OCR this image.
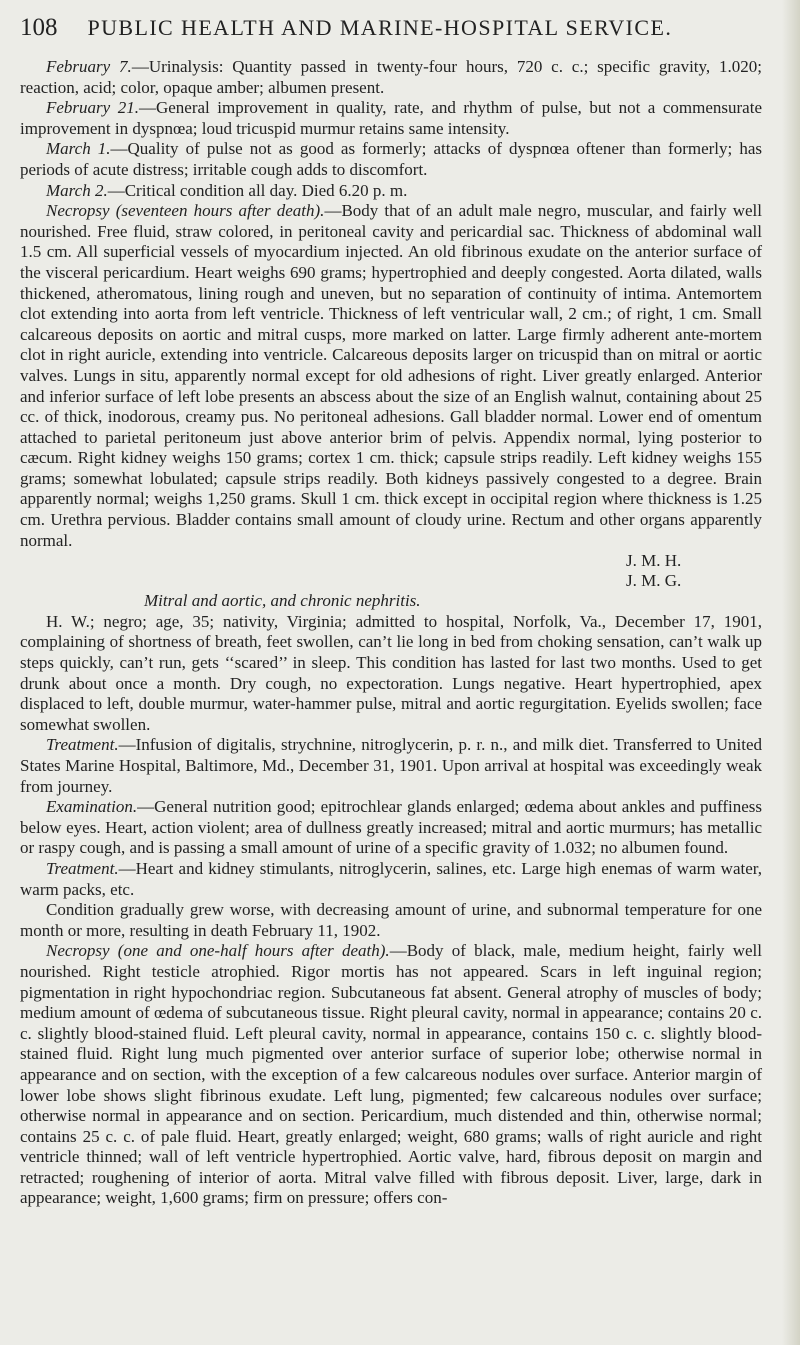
108 PUBLIC HEALTH AND MARINE-HOSPITAL SERVICE.

February 7.—Urinalysis: Quantity passed in twenty-four hours, 720 c. c.; specific gravity, 1.020; reaction, acid; color, opaque amber; albumen present.

February 21.—General improvement in quality, rate, and rhythm of pulse, but not a commensurate improvement in dyspnœa; loud tricuspid murmur retains same intensity.

March 1.—Quality of pulse not as good as formerly; attacks of dyspnœa oftener than formerly; has periods of acute distress; irritable cough adds to discomfort.

March 2.—Critical condition all day. Died 6.20 p. m.

Necropsy (seventeen hours after death).—Body that of an adult male negro, muscular, and fairly well nourished. Free fluid, straw colored, in peritoneal cavity and pericardial sac. Thickness of abdominal wall 1.5 cm. All superficial vessels of myocardium injected. An old fibrinous exudate on the anterior surface of the visceral pericardium. Heart weighs 690 grams; hypertrophied and deeply congested. Aorta dilated, walls thickened, atheromatous, lining rough and uneven, but no separation of continuity of intima. Antemortem clot extending into aorta from left ventricle. Thickness of left ventricular wall, 2 cm.; of right, 1 cm. Small calcareous deposits on aortic and mitral cusps, more marked on latter. Large firmly adherent ante-mortem clot in right auricle, extending into ventricle. Calcareous deposits larger on tricuspid than on mitral or aortic valves. Lungs in situ, apparently normal except for old adhesions of right. Liver greatly enlarged. Anterior and inferior surface of left lobe presents an abscess about the size of an English walnut, containing about 25 cc. of thick, inodorous, creamy pus. No peritoneal adhesions. Gall bladder normal. Lower end of omentum attached to parietal peritoneum just above anterior brim of pelvis. Appendix normal, lying posterior to cæcum. Right kidney weighs 150 grams; cortex 1 cm. thick; capsule strips readily. Left kidney weighs 155 grams; somewhat lobulated; capsule strips readily. Both kidneys passively congested to a degree. Brain apparently normal; weighs 1,250 grams. Skull 1 cm. thick except in occipital region where thickness is 1.25 cm. Urethra pervious. Bladder contains small amount of cloudy urine. Rectum and other organs apparently normal.

J. M. H.

J. M. G.

Mitral and aortic, and chronic nephritis.

H. W.; negro; age, 35; nativity, Virginia; admitted to hospital, Norfolk, Va., December 17, 1901, complaining of shortness of breath, feet swollen, can’t lie long in bed from choking sensation, can’t walk up steps quickly, can’t run, gets ‘‘scared’’ in sleep. This condition has lasted for last two months. Used to get drunk about once a month. Dry cough, no expectoration. Lungs negative. Heart hypertrophied, apex displaced to left, double murmur, water-hammer pulse, mitral and aortic regurgitation. Eyelids swollen; face somewhat swollen.

Treatment.—Infusion of digitalis, strychnine, nitroglycerin, p. r. n., and milk diet. Transferred to United States Marine Hospital, Baltimore, Md., December 31, 1901. Upon arrival at hospital was exceedingly weak from journey.

Examination.—General nutrition good; epitrochlear glands enlarged; œdema about ankles and puffiness below eyes. Heart, action violent; area of dullness greatly increased; mitral and aortic murmurs; has metallic or raspy cough, and is passing a small amount of urine of a specific gravity of 1.032; no albumen found.

Treatment.—Heart and kidney stimulants, nitroglycerin, salines, etc. Large high enemas of warm water, warm packs, etc.

Condition gradually grew worse, with decreasing amount of urine, and subnormal temperature for one month or more, resulting in death February 11, 1902.

Necropsy (one and one-half hours after death).—Body of black, male, medium height, fairly well nourished. Right testicle atrophied. Rigor mortis has not appeared. Scars in left inguinal region; pigmentation in right hypochondriac region. Subcutaneous fat absent. General atrophy of muscles of body; medium amount of œdema of subcutaneous tissue. Right pleural cavity, normal in appearance; contains 20 c. c. slightly blood-stained fluid. Left pleural cavity, normal in appearance, contains 150 c. c. slightly blood-stained fluid. Right lung much pigmented over anterior surface of superior lobe; otherwise normal in appearance and on section, with the exception of a few calcareous nodules over surface. Anterior margin of lower lobe shows slight fibrinous exudate. Left lung, pigmented; few calcareous nodules over surface; otherwise normal in appearance and on section. Pericardium, much distended and thin, otherwise normal; contains 25 c. c. of pale fluid. Heart, greatly enlarged; weight, 680 grams; walls of right auricle and right ventricle thinned; wall of left ventricle hypertrophied. Aortic valve, hard, fibrous deposit on margin and retracted; roughening of interior of aorta. Mitral valve filled with fibrous deposit. Liver, large, dark in appearance; weight, 1,600 grams; firm on pressure; offers con-
